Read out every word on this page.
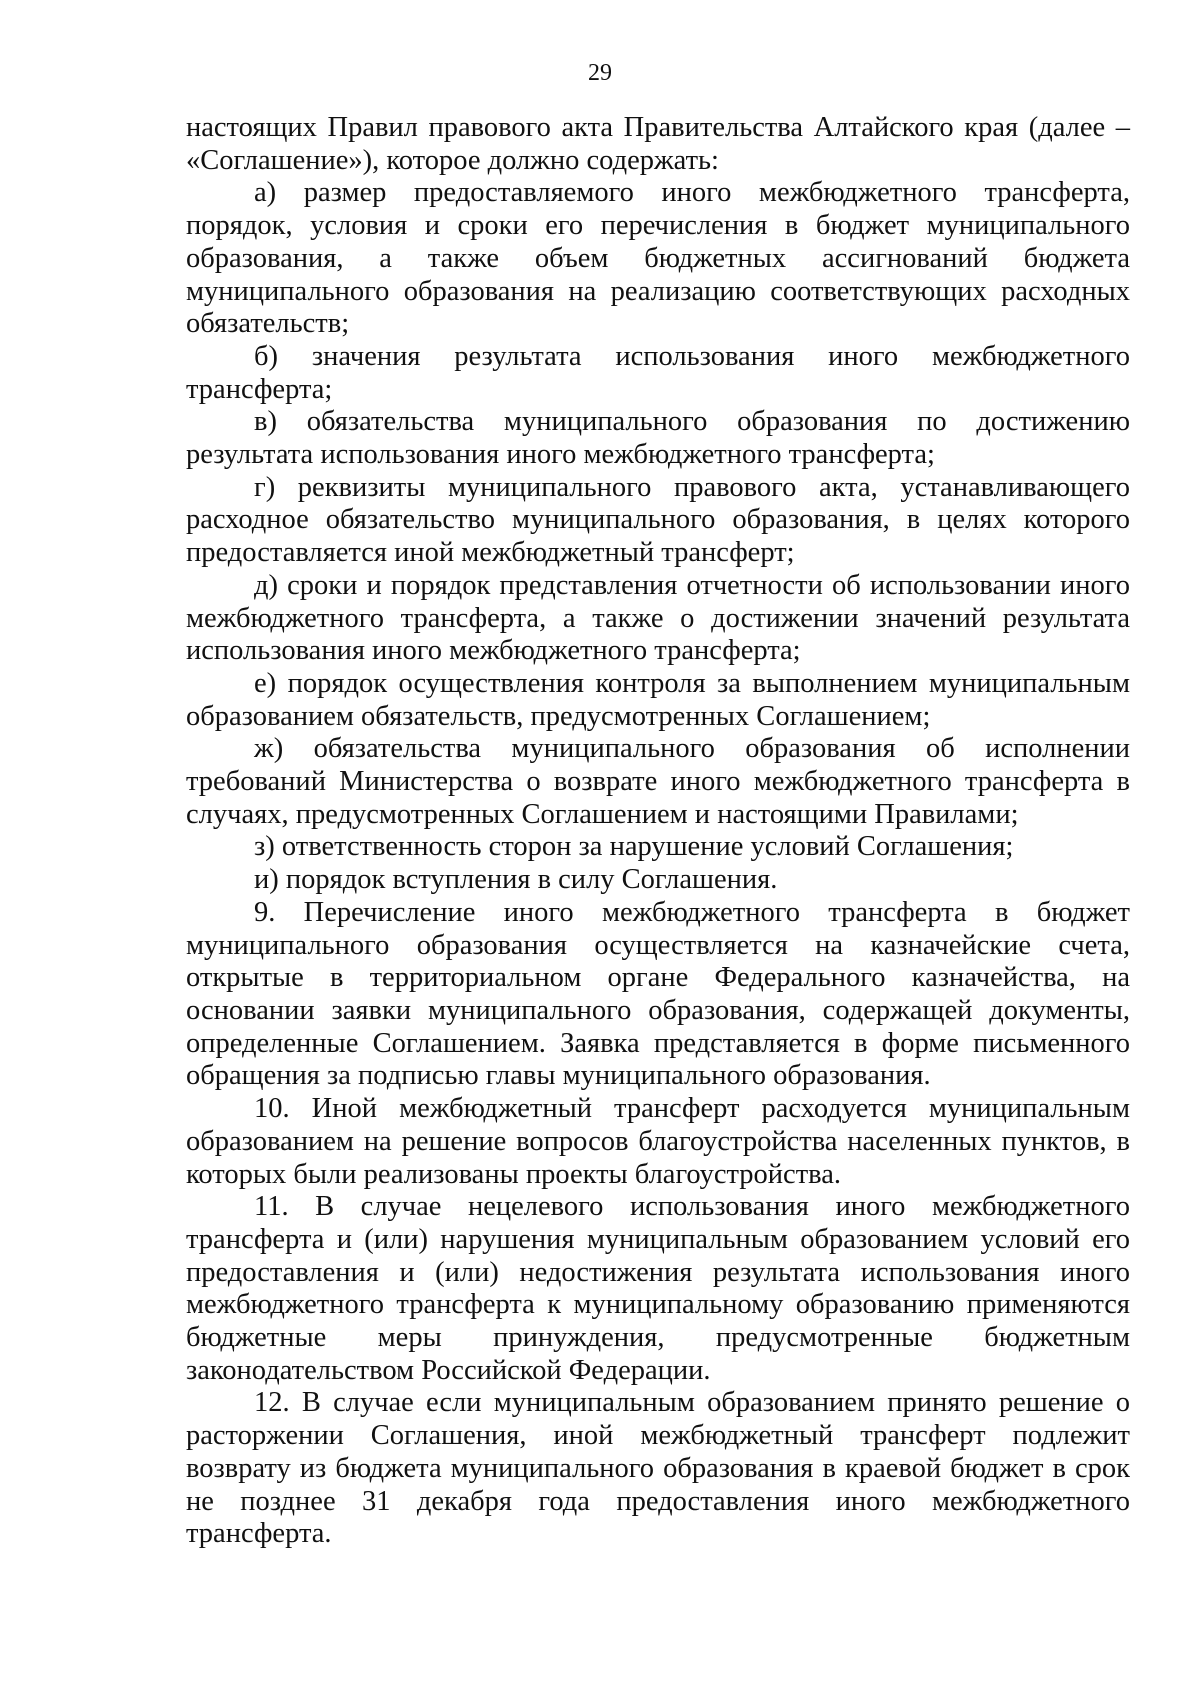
29

настоящих Правил правового акта Правительства Алтайского края (далее – «Соглашение»), которое должно содержать:

а) размер предоставляемого иного межбюджетного трансферта, порядок, условия и сроки его перечисления в бюджет муниципального образования, а также объем бюджетных ассигнований бюджета муниципального образования на реализацию соответствующих расходных обязательств;

б) значения результата использования иного межбюджетного трансферта;

в) обязательства муниципального образования по достижению результата использования иного межбюджетного трансферта;

г) реквизиты муниципального правового акта, устанавливающего расходное обязательство муниципального образования, в целях которого предоставляется иной межбюджетный трансферт;

д) сроки и порядок представления отчетности об использовании иного межбюджетного трансферта, а также о достижении значений результата использования иного межбюджетного трансферта;

е) порядок осуществления контроля за выполнением муниципальным образованием обязательств, предусмотренных Соглашением;

ж) обязательства муниципального образования об исполнении требований Министерства о возврате иного межбюджетного трансферта в случаях, предусмотренных Соглашением и настоящими Правилами;

з) ответственность сторон за нарушение условий Соглашения;

и) порядок вступления в силу Соглашения.

9. Перечисление иного межбюджетного трансферта в бюджет муниципального образования осуществляется на казначейские счета, открытые в территориальном органе Федерального казначейства, на основании заявки муниципального образования, содержащей документы, определенные Соглашением. Заявка представляется в форме письменного обращения за подписью главы муниципального образования.

10. Иной межбюджетный трансферт расходуется муниципальным образованием на решение вопросов благоустройства населенных пунктов, в которых были реализованы проекты благоустройства.

11. В случае нецелевого использования иного межбюджетного трансферта и (или) нарушения муниципальным образованием условий его предоставления и (или) недостижения результата использования иного межбюджетного трансферта к муниципальному образованию применяются бюджетные меры принуждения, предусмотренные бюджетным законодательством Российской Федерации.

12. В случае если муниципальным образованием принято решение о расторжении Соглашения, иной межбюджетный трансферт подлежит возврату из бюджета муниципального образования в краевой бюджет в срок не позднее 31 декабря года предоставления иного межбюджетного трансферта.
